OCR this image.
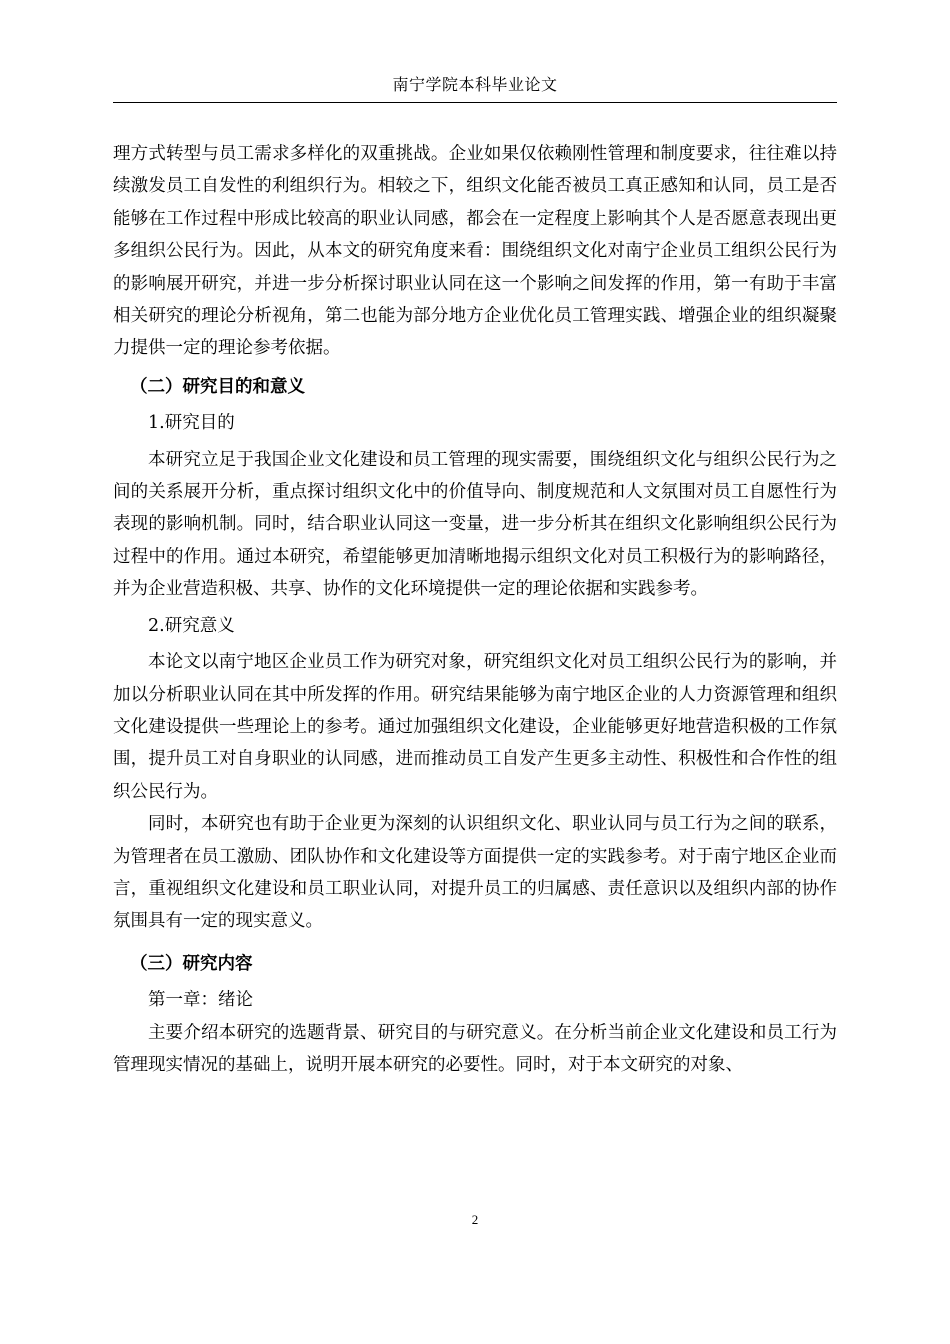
南宁学院本科毕业论文

理方式转型与员工需求多样化的双重挑战。企业如果仅依赖刚性管理和制度要求，往往难以持续激发员工自发性的利组织行为。相较之下，组织文化能否被员工真正感知和认同，员工是否能够在工作过程中形成比较高的职业认同感，都会在一定程度上影响其个人是否愿意表现出更多组织公民行为。因此，从本文的研究角度来看：围绕组织文化对南宁企业员工组织公民行为的影响展开研究，并进一步分析探讨职业认同在这一个影响之间发挥的作用，第一有助于丰富相关研究的理论分析视角，第二也能为部分地方企业优化员工管理实践、增强企业的组织凝聚力提供一定的理论参考依据。

（二）研究目的和意义

1.研究目的

本研究立足于我国企业文化建设和员工管理的现实需要，围绕组织文化与组织公民行为之间的关系展开分析，重点探讨组织文化中的价值导向、制度规范和人文氛围对员工自愿性行为表现的影响机制。同时，结合职业认同这一变量，进一步分析其在组织文化影响组织公民行为过程中的作用。通过本研究，希望能够更加清晰地揭示组织文化对员工积极行为的影响路径，并为企业营造积极、共享、协作的文化环境提供一定的理论依据和实践参考。

2.研究意义

本论文以南宁地区企业员工作为研究对象，研究组织文化对员工组织公民行为的影响，并加以分析职业认同在其中所发挥的作用。研究结果能够为南宁地区企业的人力资源管理和组织文化建设提供一些理论上的参考。通过加强组织文化建设，企业能够更好地营造积极的工作氛围，提升员工对自身职业的认同感，进而推动员工自发产生更多主动性、积极性和合作性的组织公民行为。

同时，本研究也有助于企业更为深刻的认识组织文化、职业认同与员工行为之间的联系，为管理者在员工激励、团队协作和文化建设等方面提供一定的实践参考。对于南宁地区企业而言，重视组织文化建设和员工职业认同，对提升员工的归属感、责任意识以及组织内部的协作氛围具有一定的现实意义。

（三）研究内容

第一章：绪论

主要介绍本研究的选题背景、研究目的与研究意义。在分析当前企业文化建设和员工行为管理现实情况的基础上，说明开展本研究的必要性。同时，对于本文研究的对象、

2
